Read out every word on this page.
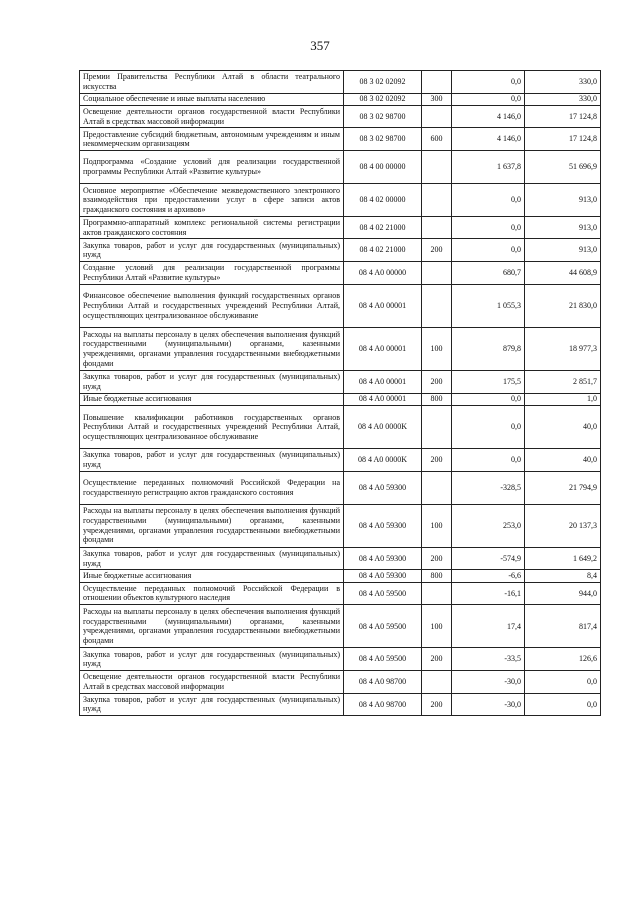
357
Премии Правительства Республики Алтай в области театрального искусства	08 3 02 02092		0,0	330,0
Социальное обеспечение и иные выплаты населению	08 3 02 02092	300	0,0	330,0
Освещение деятельности органов государственной власти Республики Алтай в средствах массовой информации	08 3 02 98700		4 146,0	17 124,8
Предоставление субсидий бюджетным, автономным учреждениям и иным некоммерческим организациям	08 3 02 98700	600	4 146,0	17 124,8
Подпрограмма «Создание условий для реализации государственной программы Республики Алтай «Развитие культуры»	08 4 00 00000		1 637,8	51 696,9
Основное мероприятие «Обеспечение межведомственного электронного взаимодействия при предоставлении услуг в сфере записи актов гражданского состояния и архивов»	08 4 02 00000		0,0	913,0
Программно-аппаратный комплекс региональной системы регистрации актов гражданского состояния	08 4 02 21000		0,0	913,0
Закупка товаров, работ и услуг для государственных (муниципальных) нужд	08 4 02 21000	200	0,0	913,0
Создание условий для реализации государственной программы Республики Алтай «Развитие культуры»	08 4 A0 00000		680,7	44 608,9
Финансовое обеспечение выполнения функций государственных органов Республики Алтай и государственных учреждений Республики Алтай, осуществляющих централизованное обслуживание	08 4 A0 00001		1 055,3	21 830,0
Расходы на выплаты персоналу в целях обеспечения выполнения функций государственными (муниципальными) органами, казенными учреждениями, органами управления государственными внебюджетными фондами	08 4 A0 00001	100	879,8	18 977,3
Закупка товаров, работ и услуг для государственных (муниципальных) нужд	08 4 A0 00001	200	175,5	2 851,7
Иные бюджетные ассигнования	08 4 A0 00001	800	0,0	1,0
Повышение квалификации работников государственных органов Республики Алтай и государственных учреждений Республики Алтай, осуществляющих централизованное обслуживание	08 4 A0 0000K		0,0	40,0
Закупка товаров, работ и услуг для государственных (муниципальных) нужд	08 4 A0 0000K	200	0,0	40,0
Осуществление переданных полномочий Российской Федерации на государственную регистрацию актов гражданского состояния	08 4 A0 59300		-328,5	21 794,9
Расходы на выплаты персоналу в целях обеспечения выполнения функций государственными (муниципальными) органами, казенными учреждениями, органами управления государственными внебюджетными фондами	08 4 A0 59300	100	253,0	20 137,3
Закупка товаров, работ и услуг для государственных (муниципальных) нужд	08 4 A0 59300	200	-574,9	1 649,2
Иные бюджетные ассигнования	08 4 A0 59300	800	-6,6	8,4
Осуществление переданных полномочий Российской Федерации в отношении объектов культурного наследия	08 4 A0 59500		-16,1	944,0
Расходы на выплаты персоналу в целях обеспечения выполнения функций государственными (муниципальными) органами, казенными учреждениями, органами управления государственными внебюджетными фондами	08 4 A0 59500	100	17,4	817,4
Закупка товаров, работ и услуг для государственных (муниципальных) нужд	08 4 A0 59500	200	-33,5	126,6
Освещение деятельности органов государственной власти Республики Алтай в средствах массовой информации	08 4 A0 98700		-30,0	0,0
Закупка товаров, работ и услуг для государственных (муниципальных) нужд	08 4 A0 98700	200	-30,0	0,0
